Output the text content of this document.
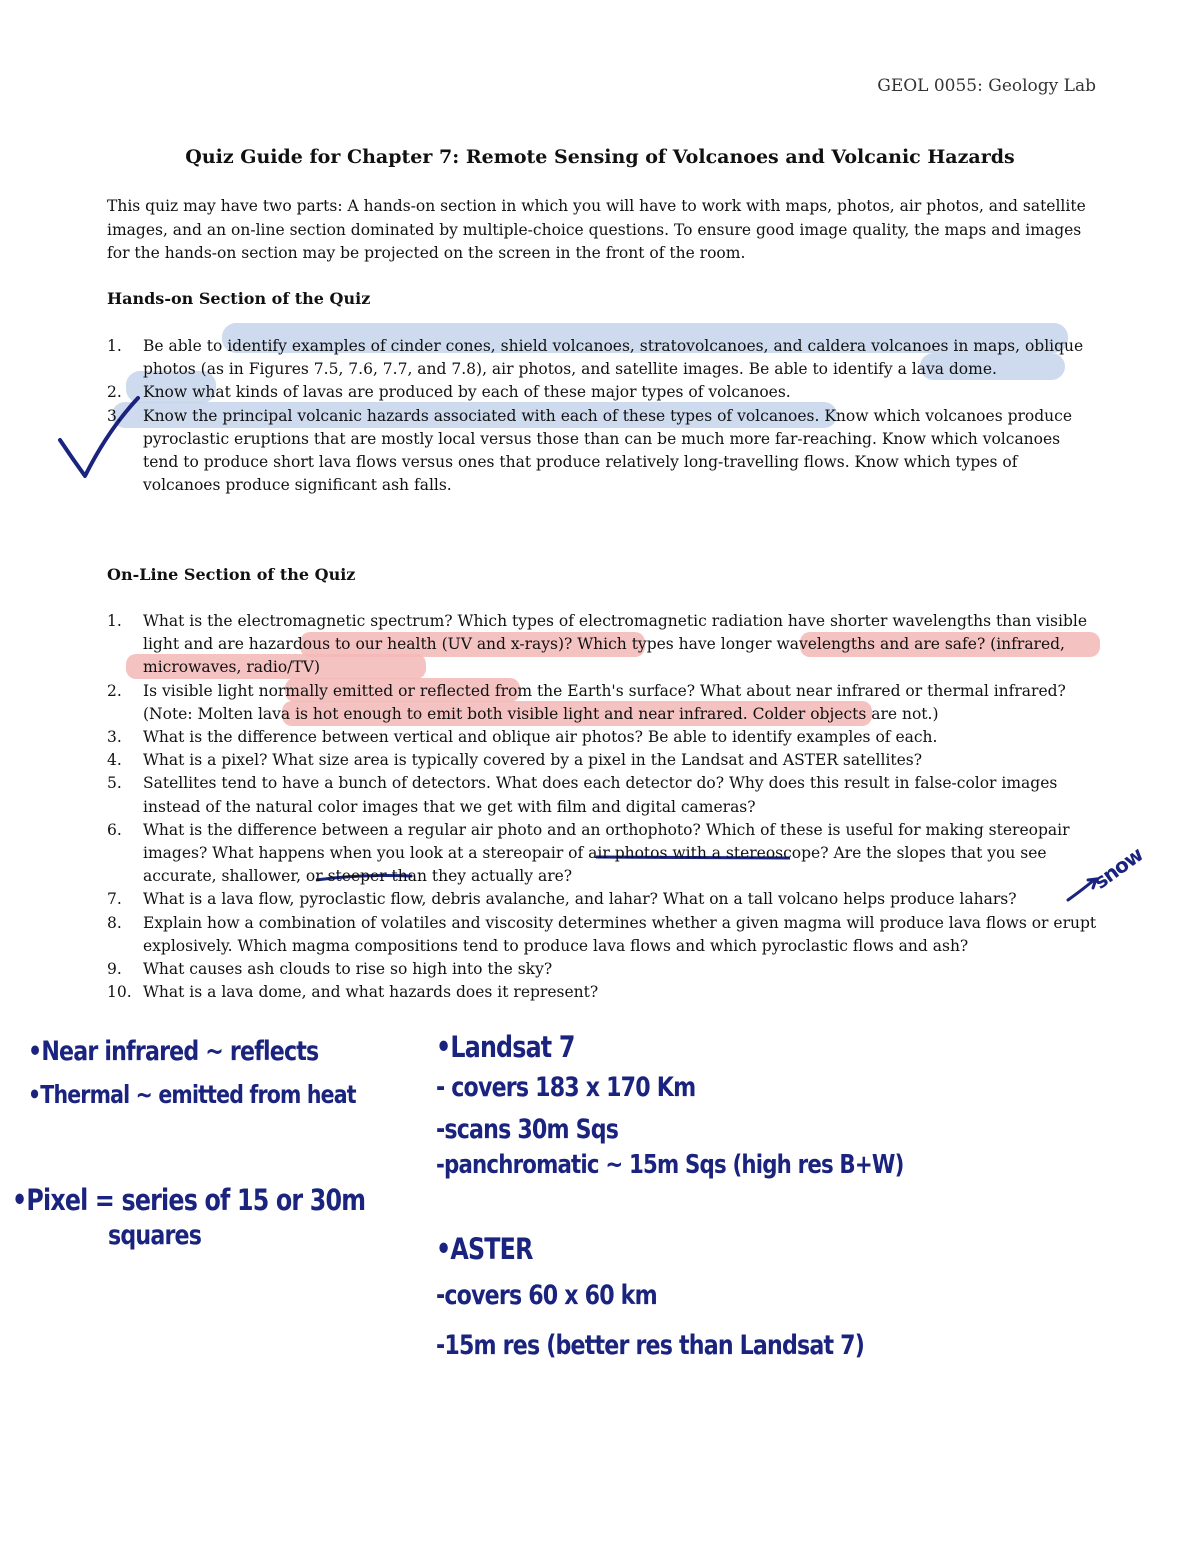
GEOL 0055: Geology Lab
Quiz Guide for Chapter 7: Remote Sensing of Volcanoes and Volcanic Hazards
This quiz may have two parts: A hands-on section in which you will have to work with maps, photos, air photos, and satellite images, and an on-line section dominated by multiple-choice questions. To ensure good image quality, the maps and images for the hands-on section may be projected on the screen in the front of the room.
Hands-on Section of the Quiz
1. Be able to identify examples of cinder cones, shield volcanoes, stratovolcanoes, and caldera volcanoes in maps, oblique photos (as in Figures 7.5, 7.6, 7.7, and 7.8), air photos, and satellite images. Be able to identify a lava dome.
2. Know what kinds of lavas are produced by each of these major types of volcanoes.
3. Know the principal volcanic hazards associated with each of these types of volcanoes. Know which volcanoes produce pyroclastic eruptions that are mostly local versus those than can be much more far-reaching. Know which volcanoes tend to produce short lava flows versus ones that produce relatively long-travelling flows. Know which types of volcanoes produce significant ash falls.
On-Line Section of the Quiz
1. What is the electromagnetic spectrum? Which types of electromagnetic radiation have shorter wavelengths than visible light and are hazardous to our health (UV and x-rays)? Which types have longer wavelengths and are safe? (infrared, microwaves, radio/TV)
2. Is visible light normally emitted or reflected from the Earth's surface? What about near infrared or thermal infrared? (Note: Molten lava is hot enough to emit both visible light and near infrared. Colder objects are not.)
3. What is the difference between vertical and oblique air photos? Be able to identify examples of each.
4. What is a pixel? What size area is typically covered by a pixel in the Landsat and ASTER satellites?
5. Satellites tend to have a bunch of detectors. What does each detector do? Why does this result in false-color images instead of the natural color images that we get with film and digital cameras?
6. What is the difference between a regular air photo and an orthophoto? Which of these is useful for making stereopair images? What happens when you look at a stereopair of air photos with a stereoscope? Are the slopes that you see accurate, shallower, or steeper than they actually are?
7. What is a lava flow, pyroclastic flow, debris avalanche, and lahar? What on a tall volcano helps produce lahars?
8. Explain how a combination of volatiles and viscosity determines whether a given magma will produce lava flows or erupt explosively. Which magma compositions tend to produce lava flows and which pyroclastic flows and ash?
9. What causes ash clouds to rise so high into the sky?
10. What is a lava dome, and what hazards does it represent?
snow
•Near infrared ~ reflects
•Thermal ~ emitted from heat
•Pixel = series of 15 or 30m
squares
•Landsat 7
- covers 183 x 170 Km
-scans 30m Sqs
-panchromatic ~ 15m Sqs (high res B+W)
•ASTER
-covers 60 x 60 km
-15m res (better res than Landsat 7)
